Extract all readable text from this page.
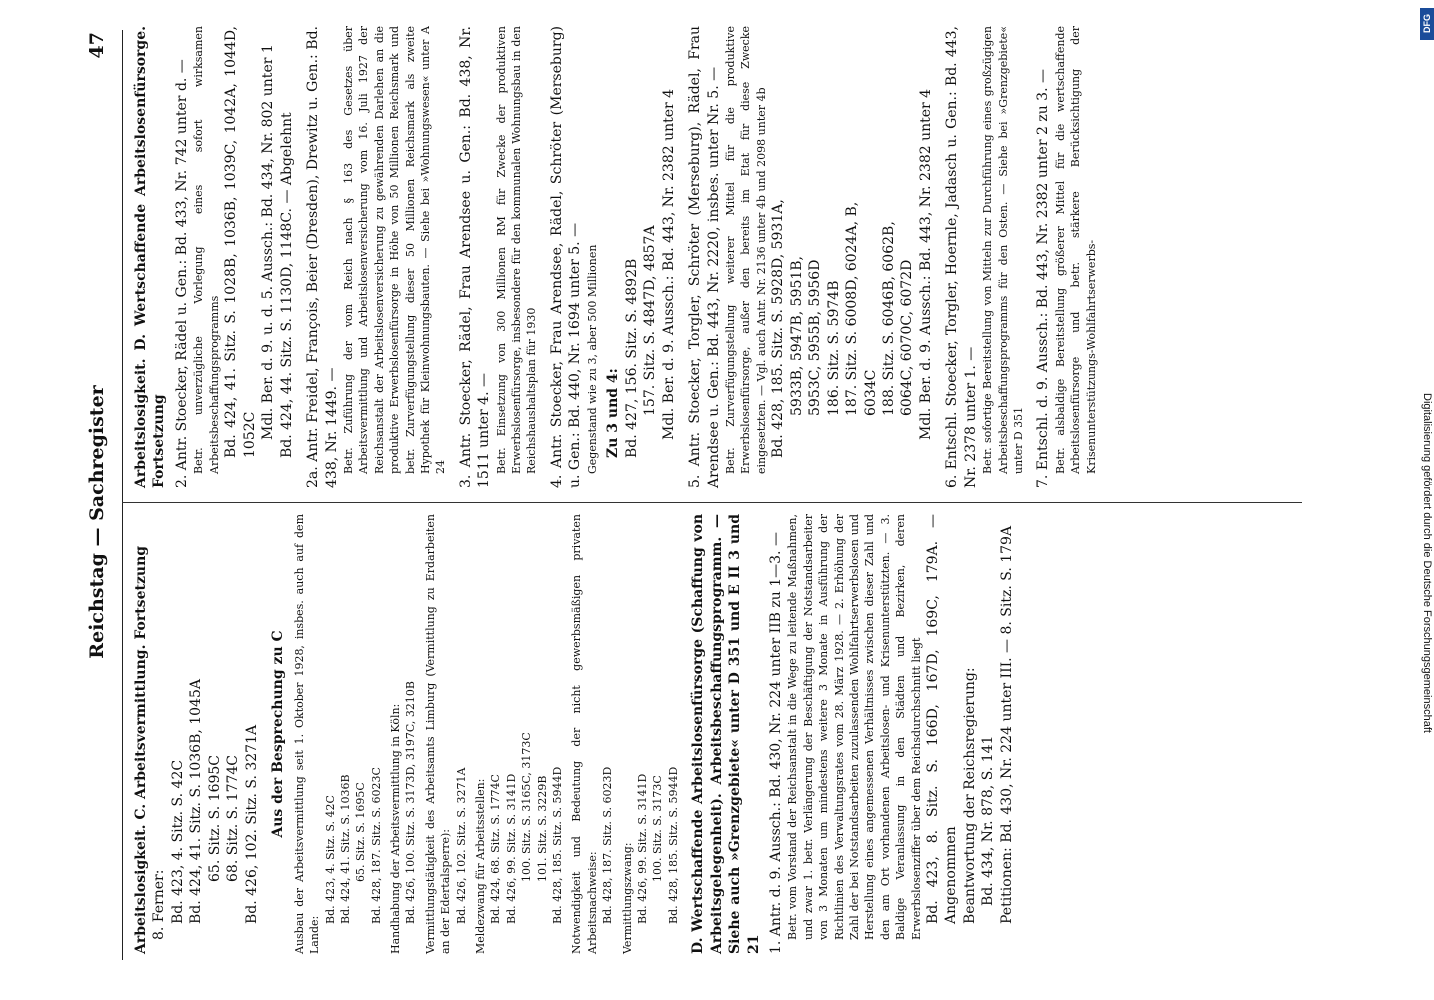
Reichstag — Sachregister
47
Arbeitslosigkeit. C. Arbeitsvermittlung. Fortsetzung 8. Ferner: Bd. 423, 4. Sitz. S. 42C Bd. 424, 41. Sitz. S. 1036B, 1045A 65. Sitz. S. 1695C 68. Sitz. S. 1774C Bd. 426, 102. Sitz. S. 3271A Aus der Besprechung zu C Ausbau der Arbeitsvermittlung seit 1. Oktober 1928, insbes. auch auf dem Lande:
Bd. 423, 4. Sitz. S. 42C Bd. 424, 41. Sitz. S. 1036B 65. Sitz. S. 1695C Bd. 428, 187. Sitz. S. 6023C Handhabung der Arbeitsvermittlung in Köln: Bd. 426, 100. Sitz. S. 3173D, 3197C, 3210B Vermittlungstätigkeit des Arbeitsamts Limburg (Vermittlung zu Erdarbeiten an der Edertalsperre): Bd. 426, 102. Sitz. S. 3271A Meldezwang für Arbeitsstellen: Bd. 424, 68. Sitz. S. 1774C Bd. 426, 99. Sitz. S. 3141D 100. Sitz. S. 3165C, 3173C 101. Sitz. S. 3229B Bd. 428, 185. Sitz. S. 5944D Notwendigkeit und Bedeutung der nicht gewerbsmäßigen privaten Arbeitsnachweise: Bd. 428, 187. Sitz. S. 6023D Vermittlungszwang: Bd. 426, 99. Sitz. S. 3141D 100. Sitz. S. 3173C Bd. 428, 185. Sitz. S. 5944D D. Wertschaffende Arbeitslosenfürsorge (Schaffung von Arbeitsgelegenheit). Arbeitsbeschaffungsprogramm. — Siehe auch »Grenzgebiete« unter D 351 und E II 3 und 21 1. Antr. d. 9. Aussch.: Bd. 430, Nr. 224 unter IIB zu 1—3. — Betr. vom Vorstand der Reichsanstalt in die Wege zu leitende Maßnahmen, und zwar 1. betr. Verlängerung der Beschäftigung der Notstandsarbeiter von 3 Monaten um mindestens weitere 3 Monate in Ausführung der Richtlinien des Verwaltungsrates vom 28. März 1928. — 2. Erhöhung der Zahl der bei Notstandsarbeiten zuzulassenden Wohlfahrtserwerbslosen und Herstellung eines angemessenen Verhältnisses zwischen dieser Zahl und den am Ort vorhandenen Arbeitslosen- und Krisenunterstützten. — 3. Baldige Veranlassung in den Städten und Bezirken, deren Erwerbslosenziffer über dem Reichsdurchschnitt liegt Bd. 423, 8. Sitz. S. 166D, 167D, 169C, 179A. — Angenommen Beantwortung der Reichsregierung: Bd. 434, Nr. 878, S. 141 Petitionen: Bd. 430, Nr. 224 unter III. — 8. Sitz. S. 179A
Arbeitslosigkeit. D. Wertschaffende Arbeitslosenfürsorge. Fortsetzung 2. Antr. Stoecker, Rädel u. Gen.: Bd. 433, Nr. 742 unter d. — Betr. unverzügliche Vorlegung eines sofort wirksamen Arbeitsbeschaffungsprogramms Bd. 424, 41. Sitz. S. 1028B, 1036B, 1039C, 1042A, 1044D, 1052C Mdl. Ber. d. 9. u. d. 5. Aussch.: Bd. 434, Nr. 802 unter 1 Bd. 424, 44. Sitz. S. 1130D, 1148C. — Abgelehnt 2a. Antr. Freidel, François, Beier (Dresden), Drewitz u. Gen.: Bd. 438, Nr. 1449. — Betr. Zuführung der vom Reich nach § 163 des Gesetzes über Arbeitsvermittlung und Arbeitslosenversicherung vom 16. Juli 1927 der Reichsanstalt der Arbeitslosenversicherung zu gewährenden Darlehen an die produktive Erwerbslosenfürsorge in Höhe von 50 Millionen Reichsmark und betr. Zurverfügungstellung dieser 50 Millionen Reichsmark als zweite Hypothek für Kleinwohnungsbauten. — Siehe bei »Wohnungswesen« unter A 24 3. Antr. Stoecker, Rädel, Frau Arendsee u. Gen.: Bd. 438, Nr. 1511 unter 4. — Betr. Einsetzung von 300 Millionen RM für Zwecke der produktiven Erwerbslosenfürsorge, insbesondere für den kommunalen Wohnungsbau in den Reichshaushaltsplan für 1930 4. Antr. Stoecker, Frau Arendsee, Rädel, Schröter (Merseburg) u. Gen.: Bd. 440, Nr. 1694 unter 5. — Gegenstand wie zu 3, aber 500 Millionen Zu 3 und 4: Bd. 427, 156. Sitz. S. 4892B 157. Sitz. S. 4847D, 4857A Mdl. Ber. d. 9. Aussch.: Bd. 443, Nr. 2382 unter 4 5. Antr. Stoecker, Torgler, Schröter (Merseburg), Rädel, Frau Arendsee u. Gen.: Bd. 443, Nr. 2220, insbes. unter Nr. 5. — Betr. Zurverfügungstellung weiterer Mittel für die produktive Erwerbslosenfürsorge, außer den bereits im Etat für diese Zwecke eingesetzten. — Vgl. auch Antr. Nr. 2136 unter 4b und 2098 unter 4b Bd. 428, 185. Sitz. S. 5928D, 5931A, 5933B, 5947B, 5951B, 5953C, 5955B, 5956D 186. Sitz. S. 5974B 187. Sitz. S. 6008D, 6024A, B, 6034C 188. Sitz. S. 6046B, 6062B, 6064C, 6070C, 6072D Mdl. Ber. d. 9. Aussch.: Bd. 443, Nr. 2382 unter 4 6. Entschl. Stoecker, Torgler, Hoernle, Jadasch u. Gen.: Bd. 443, Nr. 2378 unter 1. — Betr. sofortige Bereitstellung von Mitteln zur Durchführung eines großzügigen Arbeitsbeschaffungsprogramms für den Osten. — Siehe bei »Grenzgebiete« unter D 351 7. Entschl. d. 9. Aussch.: Bd. 443, Nr. 2382 unter 2 zu 3. — Betr. alsbaldige Bereitstellung größerer Mittel für die wertschaffende Arbeitslosenfürsorge und betr. stärkere Berücksichtigung der Krisenunterstützungs-Wohlfahrtserwerbs-
DFG
Digitalisierung gefördert durch die Deutsche Forschungsgemeinschaft
